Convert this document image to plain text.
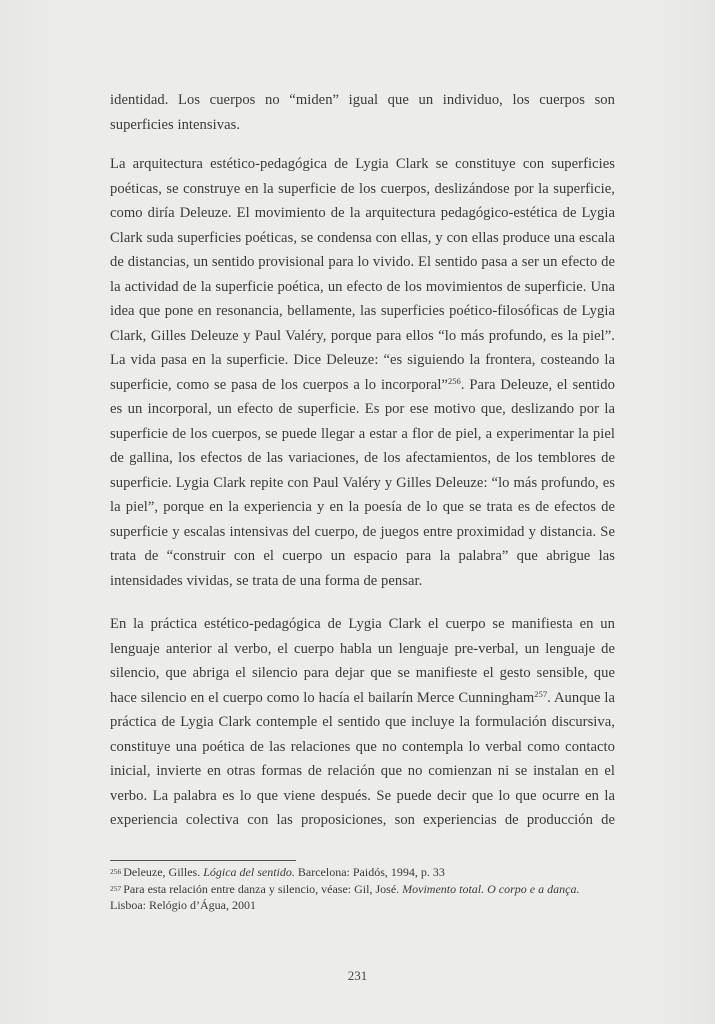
identidad. Los cuerpos no “miden” igual que un individuo, los cuerpos son superficies intensivas.

La arquitectura estético-pedagógica de Lygia Clark se constituye con superficies poéticas, se construye en la superficie de los cuerpos, deslizándose por la superficie, como diría Deleuze. El movimiento de la arquitectura pedagógico-estética de Lygia Clark suda superficies poéticas, se condensa con ellas, y con ellas produce una escala de distancias, un sentido provisional para lo vivido. El sentido pasa a ser un efecto de la actividad de la superficie poética, un efecto de los movimientos de superficie. Una idea que pone en resonancia, bellamente, las superficies poético-filosóficas de Lygia Clark, Gilles Deleuze y Paul Valéry, porque para ellos “lo más profundo, es la piel”. La vida pasa en la superficie. Dice Deleuze: “es siguiendo la frontera, costeando la superficie, como se pasa de los cuerpos a lo incorporal”$^{256}$. Para Deleuze, el sentido es un incorporal, un efecto de superficie. Es por ese motivo que, deslizando por la superficie de los cuerpos, se puede llegar a estar a flor de piel, a experimentar la piel de gallina, los efectos de las variaciones, de los afectamientos, de los temblores de superficie. Lygia Clark repite con Paul Valéry y Gilles Deleuze: “lo más profundo, es la piel”, porque en la experiencia y en la poesía de lo que se trata es de efectos de superficie y escalas intensivas del cuerpo, de juegos entre proximidad y distancia. Se trata de “construir con el cuerpo un espacio para la palabra” que abrigue las intensidades vividas, se trata de una forma de pensar.

En la práctica estético-pedagógica de Lygia Clark el cuerpo se manifiesta en un lenguaje anterior al verbo, el cuerpo habla un lenguaje pre-verbal, un lenguaje de silencio, que abriga el silencio para dejar que se manifieste el gesto sensible, que hace silencio en el cuerpo como lo hacía el bailarín Merce Cunningham$^{257}$. Aunque la práctica de Lygia Clark contemple el sentido que incluye la formulación discursiva, constituye una poética de las relaciones que no contempla lo verbal como contacto inicial, invierte en otras formas de relación que no comienzan ni se instalan en el verbo. La palabra es lo que viene después. Se puede decir que lo que ocurre en la experiencia colectiva con las proposiciones, son experiencias de producción de

256 Deleuze, Gilles. Lógica del sentido. Barcelona: Paidós, 1994, p. 33

257 Para esta relación entre danza y silencio, véase: Gil, José. Movimento total. O corpo e a dança. Lisboa: Relógio d’Água, 2001

231
